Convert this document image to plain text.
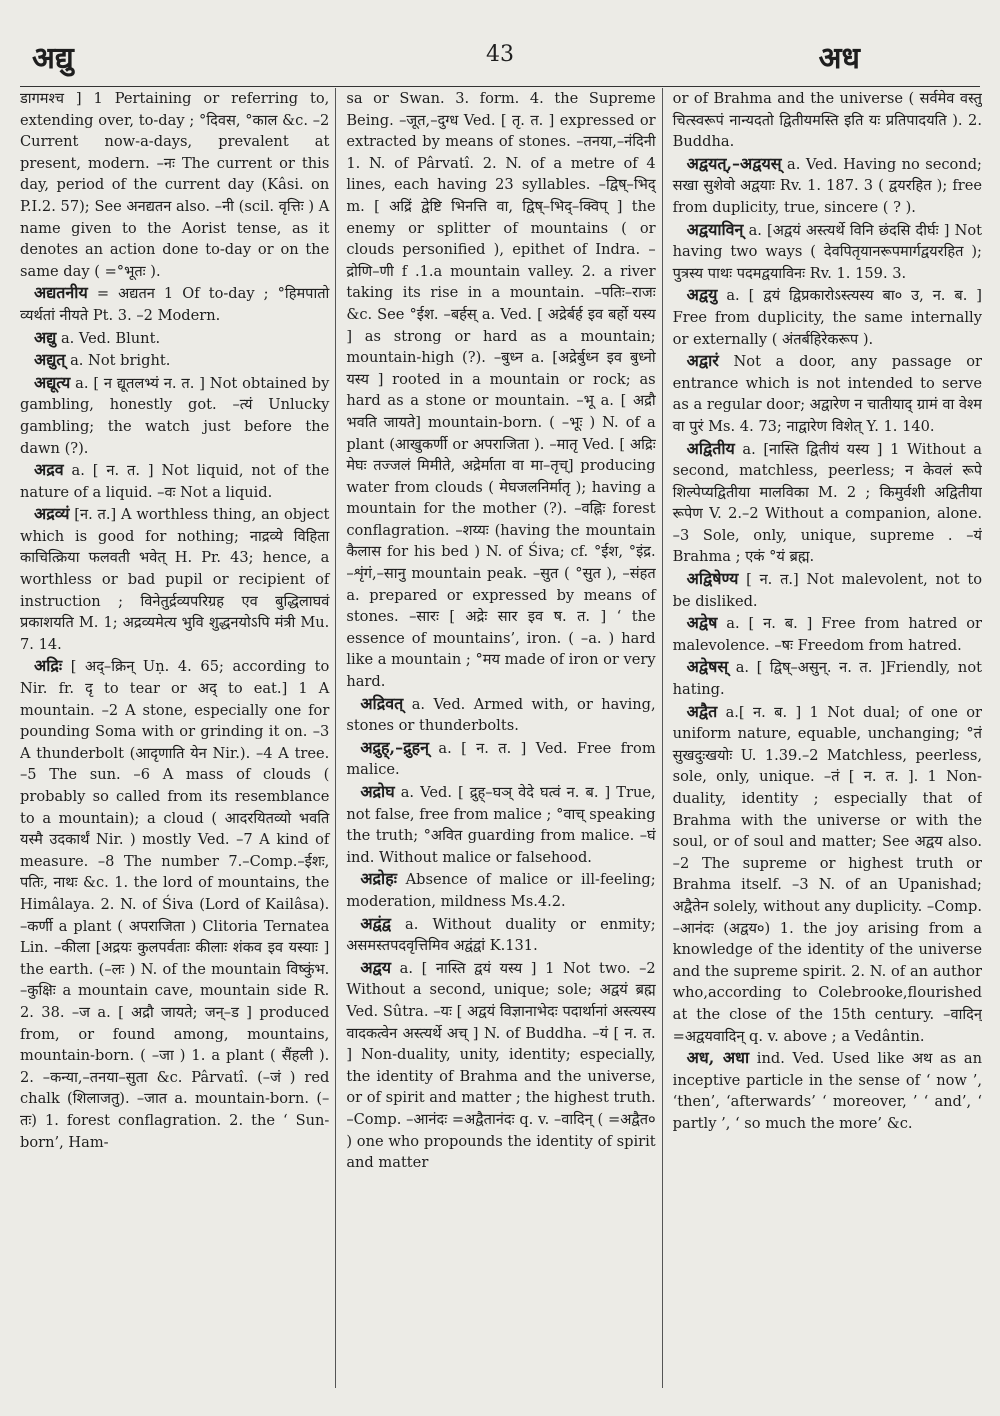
अद्यु	43	अध

डागमश्च ] 1 Pertaining or referring to, extending over, to-day ; °दिवस, °काल &c. –2 Current now-a-days, prevalent at present, modern. –नः The current or this day, period of the current day (Kâsi. on P.I.2. 57); See अनद्यतन also. –नी (scil. वृत्तिः ) A name given to the Aorist tense, as it denotes an action done to-day or on the same day ( =°भूतः ).

अद्यतनीय = अद्यतन 1 Of to-day ; °हिमपातो व्यर्थतां नीयते Pt. 3. –2 Modern.

अद्यु a. Ved. Blunt.

अद्युत् a. Not bright.

अद्यूत्य a. [ न द्यूतलभ्यं न. त. ] Not obtained by gambling, honestly got. –त्यं Unlucky gambling; the watch just before the dawn (?).

अद्रव a. [ न. त. ] Not liquid, not of the nature of a liquid. –वः Not a liquid.

अद्रव्यं [न. त.] A worthless thing, an object which is good for nothing; नाद्रव्ये विहिता काचित्क्रिया फलवती भवेत् H. Pr. 43; hence, a worthless or bad pupil or recipient of instruction ; विनेतुर्द्रव्यपरिग्रह एव बुद्धिलाघवं प्रकाशयति M. 1; अद्रव्यमेत्य भुवि शुद्धनयोऽपि मंत्री Mu. 7. 14.

अद्रिः [ अद्–क्रिन् Uṇ. 4. 65; according to Nir. fr. दृ to tear or अद् to eat.] 1 A mountain. –2 A stone, especially one for pounding Soma with or grinding it on. –3 A thunderbolt (आदृणाति येन Nir.). –4 A tree. –5 The sun. –6 A mass of clouds ( probably so called from its resemblance to a mountain); a cloud ( आदरयितव्यो भवति यस्मै उदकार्थं Nir. ) mostly Ved. –7 A kind of measure. –8 The number 7.–Comp.–ईशः, पतिः, नाथः &c. 1. the lord of mountains, the Himâlaya. 2. N. of Śiva (Lord of Kailâsa). –कर्णी a plant ( अपराजिता ) Clitoria Ternatea Lin. –कीला [अद्रयः कुलपर्वताः कीलाः शंकव इव यस्याः ] the earth. (–लः ) N. of the mountain विष्कुंभ. –कुक्षिः a mountain cave, mountain side R. 2. 38. –ज a. [ अद्रौ जायते; जन्–ड ] produced from, or found among, mountains, mountain-born. ( –जा ) 1. a plant ( सैंहली ). 2. –कन्या,–तनया–सुता &c. Pârvatî. (–जं ) red chalk (शिलाजतु). –जात a. mountain-born. (–तः) 1. forest conflagration. 2. the ‘ Sun-born’, Ham-

sa or Swan. 3. form. 4. the Supreme Being. –जूत,–दुग्ध Ved. [ तृ. त. ] expressed or extracted by means of stones. –तनया,–नंदिनी 1. N. of Pârvatî. 2. N. of a metre of 4 lines, each having 23 syllables. –द्विष्–भिद् m. [ अद्रिं द्वेष्टि भिनत्ति वा, द्विष्–भिद्–क्विप् ] the enemy or splitter of mountains ( or clouds personified ), epithet of Indra. –द्रोणि–णी f .1.a mountain valley. 2. a river taking its rise in a mountain. –पतिः–राजः &c. See °ईश. –बर्हस् a. Ved. [ अद्रेर्बर्ह इव बर्हो यस्य ] as strong or hard as a mountain; mountain-high (?). –बुध्न a. [अद्रेर्बुध्न इव बुध्नो यस्य ] rooted in a mountain or rock; as hard as a stone or mountain. –भू a. [ अद्रौ भवति जायते] mountain-born. ( –भूः ) N. of a plant (आखुकर्णी or अपराजिता ). –मातृ Ved. [ अद्रिः मेघः तज्जलं मिमीते, अद्रेर्माता वा मा–तृच्] producing water from clouds ( मेघजलनिर्मातृ ); having a mountain for the mother (?). –वह्निः forest conflagration. –शय्यः (having the mountain कैलास for his bed ) N. of Śiva; cf. °ईश, °इंद्र. –शृंगं,–सानु mountain peak. –सुत ( °सुत ), –संहत a. prepared or expressed by means of stones. –सारः [ अद्रेः सार इव ष. त. ] ‘ the essence of mountains’, iron. ( –a. ) hard like a mountain ; °मय made of iron or very hard.

अद्रिवत् a. Ved. Armed with, or having, stones or thunderbolts.

अद्रुह्,–द्रुहन् a. [ न. त. ] Ved. Free from malice.

अद्रोघ a. Ved. [ द्रुह्–घञ् वेदे घत्वं न. ब. ] True, not false, free from malice ; °वाच् speaking the truth; °अवित guarding from malice. –घं ind. Without malice or falsehood.

अद्रोहः Absence of malice or ill-feeling; moderation, mildness Ms.4.2.

अद्वंद्व a. Without duality or enmity; असमस्तपदवृत्तिमिव अद्वंद्वां K.131.

अद्वय a. [ नास्ति द्वयं यस्य ] 1 Not two. –2 Without a second, unique; sole; अद्वयं ब्रह्म Ved. Sûtra. –यः [ अद्वयं विज्ञानाभेदः पदार्थानां अस्त्यस्य वादकत्वेन अस्त्यर्थे अच् ] N. of Buddha. –यं [ न. त. ] Non-duality, unity, identity; especially, the identity of Brahma and the universe, or of spirit and matter ; the highest truth. –Comp. –आनंदः =अद्वैतानंदः q. v. –वादिन् ( =अद्वैत० ) one who propounds the identity of spirit and matter

or of Brahma and the universe ( सर्वमेव वस्तु चित्स्वरूपं नान्यदतो द्वितीयमस्ति इति यः प्रतिपादयति ). 2. Buddha.

अद्वयत्,–अद्वयस् a. Ved. Having no second; सखा सुशेवो अद्वयाः Rv. 1. 187. 3 ( द्वयरहित ); free from duplicity, true, sincere ( ? ).

अद्वयाविन् a. [अद्वयं अस्त्यर्थे विनि छंदसि दीर्घः ] Not having two ways ( देवपितृयानरूपमार्गद्वयरहित ); पुत्रस्य पाथः पदमद्वयाविनः Rv. 1. 159. 3.

अद्वयु a. [ द्वयं द्विप्रकारोऽस्त्यस्य बा० उ, न. ब. ] Free from duplicity, the same internally or externally ( अंतर्बहिरेकरूप ).

अद्वारं Not a door, any passage or entrance which is not intended to serve as a regular door; अद्वारेण न चातीयाद् ग्रामं वा वेश्म वा पुरं Ms. 4. 73; नाद्वारेण विशेत् Y. 1. 140.

अद्वितीय a. [नास्ति द्वितीयं यस्य ] 1 Without a second, matchless, peerless; न केवलं रूपे शिल्पेप्यद्वितीया मालविका M. 2 ; किमुर्वशी अद्वितीया रूपेण V. 2.–2 Without a companion, alone. –3 Sole, only, unique, supreme . –यं Brahma ; एकं °यं ब्रह्म.

अद्विषेण्य [ न. त.] Not malevolent, not to be disliked.

अद्वेष a. [ न. ब. ] Free from hatred or malevolence. –षः Freedom from hatred.

अद्वेषस् a. [ द्विष्–असुन्. न. त. ]Friendly, not hating.

अद्वैत a.[ न. ब. ] 1 Not dual; of one or uniform nature, equable, unchanging; °तं सुखदुःखयोः U. 1.39.–2 Matchless, peerless, sole, only, unique. –तं [ न. त. ]. 1 Non-duality, identity ; especially that of Brahma with the universe or with the soul, or of soul and matter; See अद्वय also. –2 The supreme or highest truth or Brahma itself. –3 N. of an Upanishad; अद्वैतेन solely, without any duplicity. –Comp. –आनंदः (अद्वय०) 1. the joy arising from a knowledge of the identity of the universe and the supreme spirit. 2. N. of an author who,according to Colebrooke,flourished at the close of the 15th century. –वादिन् =अद्वयवादिन् q. v. above ; a Vedântin.

अध, अधा ind. Ved. Used like अथ as an inceptive particle in the sense of ‘ now ’, ‘then’, ‘afterwards’ ‘ moreover, ’ ‘ and’, ‘ partly ’, ‘ so much the more’ &c.
